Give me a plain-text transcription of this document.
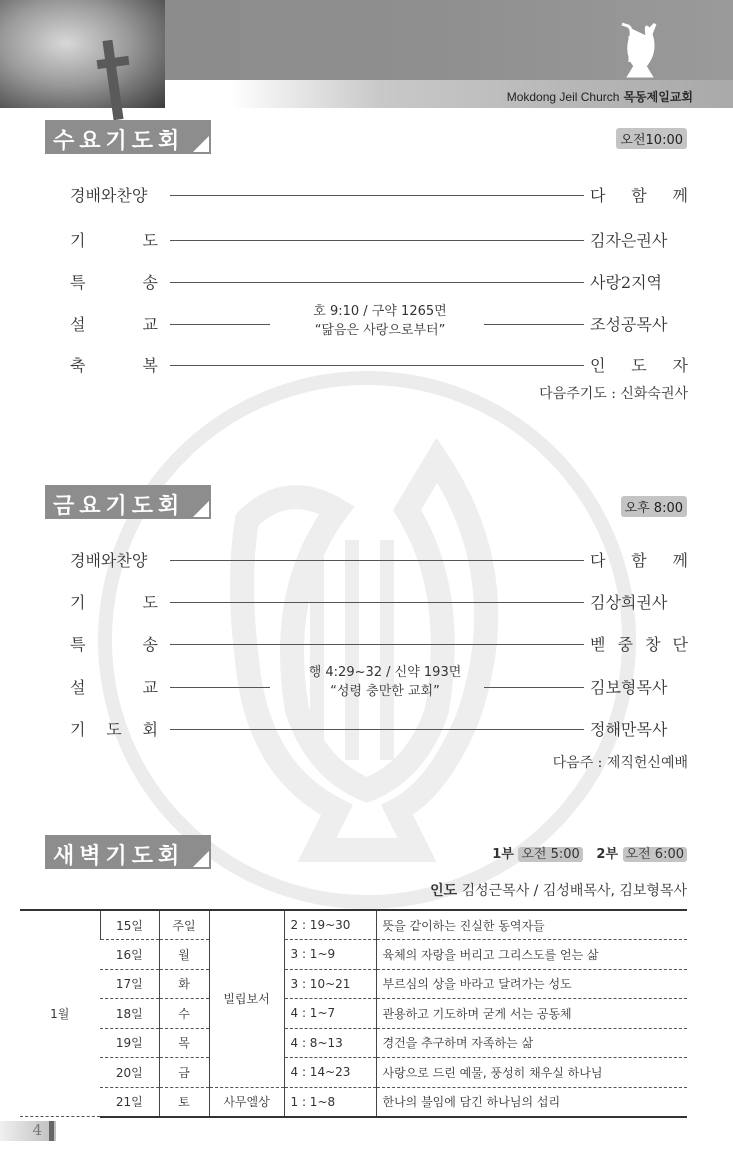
Mokdong Jeil Church 목동제일교회
수요기도회	오전10:00
경배와찬양	다 함 께
기	도	김자은권사
특	송	사랑2지역
설	교	조성공목사
축	복	인 도 자
호 9:10 / 구약 1265면
“닮음은 사랑으로부터”
다음주기도 : 신화숙권사
금요기도회	오후 8:00
경배와찬양	다 함 께
기	도	김상희권사
특	송	벧 중 창 단
설	교	김보형목사
기 도 회	정해만목사
행 4:29~32 / 신약 193면
“성령 충만한 교회”
다음주 : 제직헌신예배
새벽기도회	1부 오전 5:00 2부 오전 6:00
인도 김성근목사 / 김성배목사, 김보형목사
1월	15일	주일	빌립보서	2 : 19~30	뜻을 같이하는 진실한 동역자들
	16일	월		3 : 1~9	육체의 자랑을 버리고 그리스도를 얻는 삶
	17일	화		3 : 10~21	부르심의 상을 바라고 달려가는 성도
	18일	수		4 : 1~7	관용하고 기도하며 굳게 서는 공동체
	19일	목		4 : 8~13	경건을 추구하며 자족하는 삶
	20일	금		4 : 14~23	사랑으로 드린 예물, 풍성히 채우실 하나님
	21일	토	사무엘상	1 : 1~8	한나의 불임에 담긴 하나님의 섭리
4
